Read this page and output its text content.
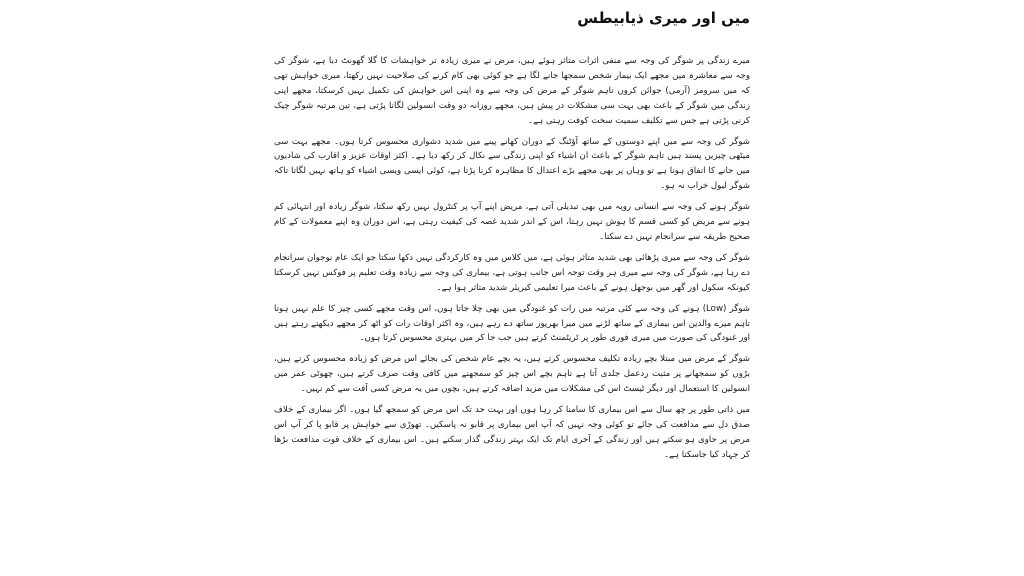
میں اور میری ذیابیطس

میرے زندگی پر شوگر کی وجہ سے منفی اثرات متاثر ہوئے ہیں، مرض نے میری زیادہ تر خواہشات کا گلا گھونٹ دیا ہے، شوگر کی وجہ سے معاشرہ میں مجھے ایک بیمار شخص سمجھا جانے لگا ہے جو کوئی بھی کام کرنے کی صلاحیت نہیں رکھتا، میری خواہش تھی کہ میں سرومز (آرمی) جوائن کروں تاہم شوگر کے مرض کی وجہ سے وہ اپنی اس خواہش کی تکمیل نہیں کرسکتا، مجھے اپنی زندگی میں شوگر کے باعث بھی بہت سی مشکلات در پیش ہیں، مجھے روزانہ دو وقت انسولین لگانا پڑتی ہے، تین مرتبہ شوگر چیک کرنی پڑتی ہے جس سے تکلیف سمیت سخت کوفت رہتی ہے۔

شوگر کی وجہ سے میں اپنے دوستوں کے ساتھ آؤٹنگ کے دوران کھانے پینے میں شدید دشواری محسوس کرتا ہوں۔ مجھے بہت سی میٹھی چیزیں پسند ہیں تاہم شوگر کے باعث ان اشیاء کو اپنی زندگی سے نکال کر رکھ دیا ہے۔ اکثر اوقات عزیز و اقارب کی شادیوں میں جانے کا اتفاق ہوتا ہے تو وہاں پر بھی مجھے بڑے اعتدال کا مظاہرہ کرنا پڑتا ہے، کوئی ایسی ویسی اشیاء کو ہاتھ نہیں لگاتا تاکہ شوگر لیول خراب نہ ہو۔

شوگر ہونے کی وجہ سے انسانی رویہ میں بھی تبدیلی آتی ہے، مریض اپنے آپ پر کنٹرول نہیں رکھ سکتا، شوگر زیادہ اور انتہائی کم ہونے سے مریض کو کسی قسم کا ہوش نہیں رہتا، اس کے اندر شدید غصہ کی کیفیت رہتی ہے، اس دوران وہ اپنے معمولات کے کام صحیح طریقہ سے سرانجام نہیں دے سکتا۔

شوگر کی وجہ سے میری پڑھائی بھی شدید متاثر ہوئی ہے، میں کلاس میں وہ کارکردگی نہیں دکھا سکتا جو ایک عام نوجوان سرانجام دے رہا ہے، شوگر کی وجہ سے میری ہر وقت توجہ اس جانب ہوتی ہے، بیماری کی وجہ سے زیادہ وقت تعلیم پر فوکس نہیں کرسکتا کیونکہ سکول اور گھر میں بوجھل ہونے کے باعث میرا تعلیمی کیریئر شدید متاثر ہوا ہے۔

شوگر (Low) ہونے کی وجہ سے کئی مرتبہ میں رات کو غنودگی میں بھی چلا جاتا ہوں، اس وقت مجھے کسی چیز کا علم نہیں ہوتا تاہم میرے والدین اس بیماری کے ساتھ لڑنے میں میرا بھرپور ساتھ دے رہے ہیں، وہ اکثر اوقات رات کو اٹھ کر مجھے دیکھتے رہتے ہیں اور غنودگی کی صورت میں میری فوری طور پر ٹریٹمنٹ کرتے ہیں جب جا کر میں بہتری محسوس کرتا ہوں۔

شوگر کے مرض میں مبتلا بچے زیادہ تکلیف محسوس کرتے ہیں، یہ بچے عام شخص کی بجائے اس مرض کو زیادہ محسوس کرتے ہیں، بڑوں کو سمجھانے پر مثبت ردعمل جلدی آتا ہے تاہم بچے اس چیز کو سمجھنے میں کافی وقت صرف کرتے ہیں، چھوٹی عمر میں انسولین کا استعمال اور دیگر ٹیسٹ اس کی مشکلات میں مزید اضافہ کرتے ہیں، بچوں میں یہ مرض کسی آفت سے کم نہیں۔

میں ذاتی طور پر چھ سال سے اس بیماری کا سامنا کر رہا ہوں اور بہت حد تک اس مرض کو سمجھ گیا ہوں۔ اگر بیماری کے خلاف صدق دل سے مدافعت کی جائے تو کوئی وجہ نہیں کہ آپ اس بیماری پر قابو نہ پاسکیں۔ تھوڑی سے خواہش پر قابو پا کر آپ اس مرض پر حاوی ہو سکتے ہیں اور زندگی کے آخری ایام تک ایک بہتر زندگی گذار سکتے ہیں۔ اس بیماری کے خلاف قوت مدافعت بڑھا کر جہاد کیا جاسکتا ہے۔
